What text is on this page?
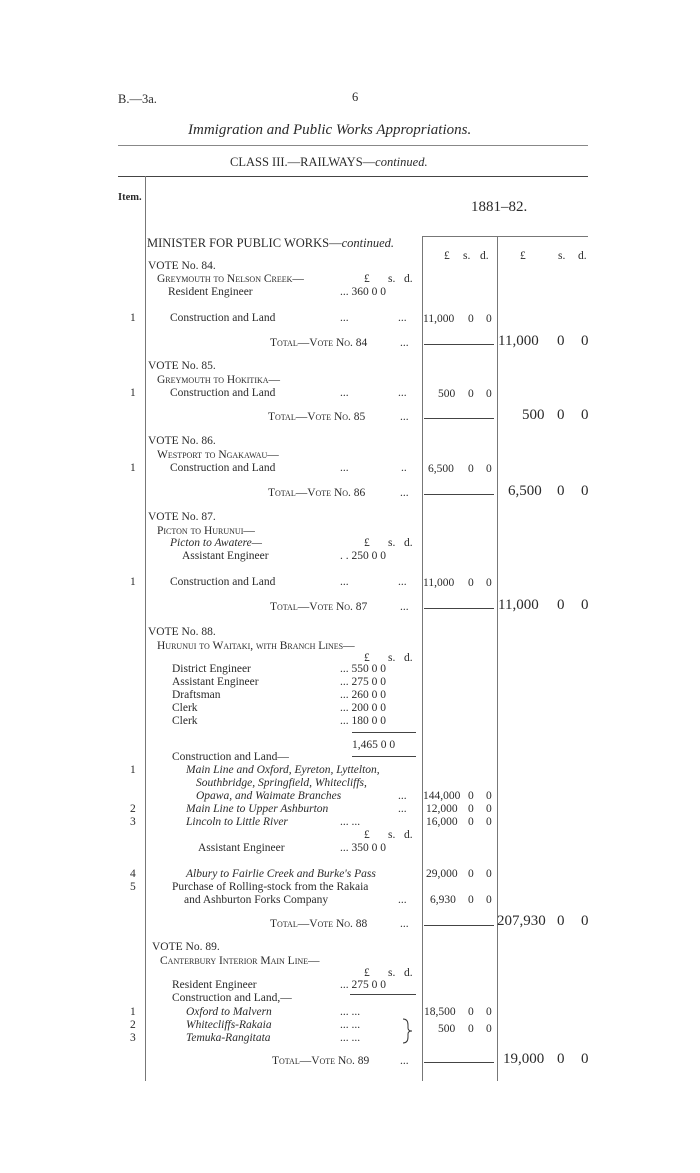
B.—3a.	6
Immigration and Public Works Appropriations.
CLASS III.—RAILWAYS—continued.
Item.
1881–82.
£ s. d.	£	s. d.
MINISTER FOR PUBLIC WORKS—continued.
VOTE No. 84.
Greymouth to Nelson Creek—	£ s. d.
Resident Engineer	... 360 0 0
1	Construction and Land	...	... 11,000 0 0
Total—Vote No. 84	...	11,000 0 0
VOTE No. 85.
Greymouth to Hokitika—
1	Construction and Land	...	...	500 0 0
Total—Vote No. 85	...	500 0 0
VOTE No. 86.
Westport to Ngakawau—
1	Construction and Land	...	.. 6,500 0 0
Total—Vote No. 86	...	6,500 0 0
VOTE No. 87.
Picton to Hurunui—
Picton to Awatere—	£ s. d.
Assistant Engineer	. . 250 0 0
1	Construction and Land	...	... 11,000 0 0
Total—Vote No. 87	...	11,000 0 0
VOTE No. 88.
Hurunui to Waitaki, with Branch Lines—
£ s. d.
District Engineer	... 550 0 0
Assistant Engineer	... 275 0 0
Draftsman	... 260 0 0
Clerk	... 200 0 0
Clerk	... 180 0 0
1,465 0 0
Construction and Land—
1	Main Line and Oxford, Eyreton, Lyttelton,
Southbridge, Springfield, Whitecliffs,
Opawa, and Waimate Branches	... 144,000 0 0
2	Main Line to Upper Ashburton	... 12,000 0 0
3	Lincoln to Little River	... ...	16,000 0 0
£ s. d.
Assistant Engineer	... 350 0 0
4	Albury to Fairlie Creek and Burke's Pass	29,000 0 0
5	Purchase of Rolling-stock from the Rakaia
and Ashburton Forks Company	... 6,930 0 0
Total—Vote No. 88	...	207,930 0 0
VOTE No. 89.
Canterbury Interior Main Line—
£ s. d.
Resident Engineer	... 275 0 0
Construction and Land,—
1	Oxford to Malvern	... ...	18,500 0 0
2	Whitecliffs-Rakaia	... ...	500 0 0
3	Temuka-Rangitata	... ...
Total—Vote No. 89	...	19,000 0 0
